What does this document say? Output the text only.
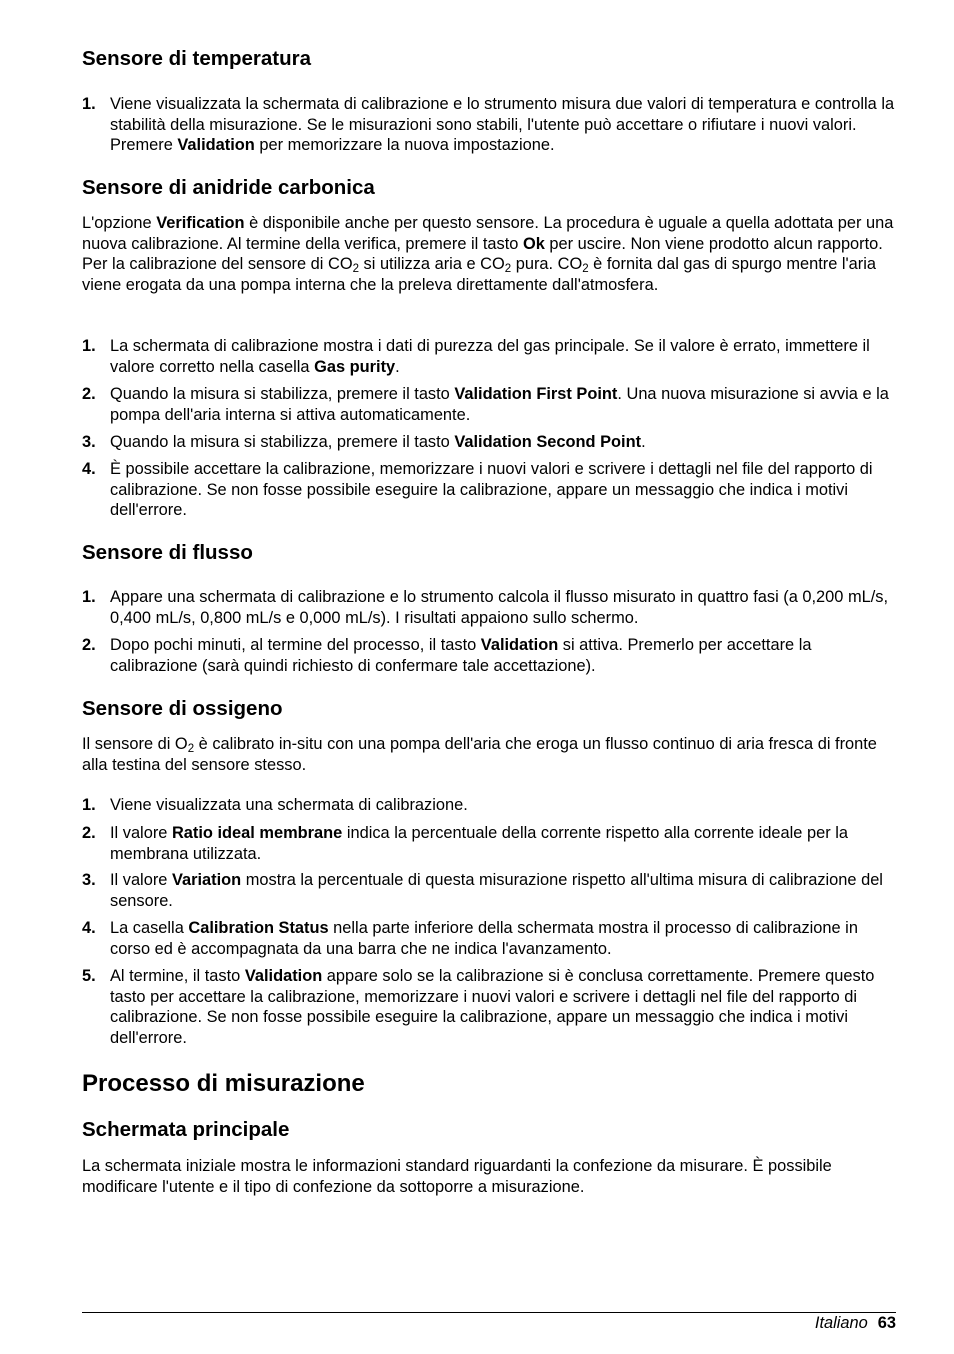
Sensore di temperatura
1. Viene visualizzata la schermata di calibrazione e lo strumento misura due valori di temperatura e controlla la stabilità della misurazione. Se le misurazioni sono stabili, l'utente può accettare o rifiutare i nuovi valori. Premere Validation per memorizzare la nuova impostazione.
Sensore di anidride carbonica

L'opzione Verification è disponibile anche per questo sensore. La procedura è uguale a quella adottata per una nuova calibrazione. Al termine della verifica, premere il tasto Ok per uscire. Non viene prodotto alcun rapporto. Per la calibrazione del sensore di $CO_2$ si utilizza aria e $CO_2$ pura. $CO_2$ è fornita dal gas di spurgo mentre l'aria viene erogata da una pompa interna che la preleva direttamente dall'atmosfera.

1. La schermata di calibrazione mostra i dati di purezza del gas principale. Se il valore è errato, immettere il valore corretto nella casella Gas purity.
2. Quando la misura si stabilizza, premere il tasto Validation First Point. Una nuova misurazione si avvia e la pompa dell'aria interna si attiva automaticamente.
3. Quando la misura si stabilizza, premere il tasto Validation Second Point.
4. È possibile accettare la calibrazione, memorizzare i nuovi valori e scrivere i dettagli nel file del rapporto di calibrazione. Se non fosse possibile eseguire la calibrazione, appare un messaggio che indica i motivi dell'errore.
Sensore di flusso
1. Appare una schermata di calibrazione e lo strumento calcola il flusso misurato in quattro fasi (a 0,200 mL/s, 0,400 mL/s, 0,800 mL/s e 0,000 mL/s). I risultati appaiono sullo schermo.
2. Dopo pochi minuti, al termine del processo, il tasto Validation si attiva. Premerlo per accettare la calibrazione (sarà quindi richiesto di confermare tale accettazione).
Sensore di ossigeno

Il sensore di $O_2$ è calibrato in-situ con una pompa dell'aria che eroga un flusso continuo di aria fresca di fronte alla testina del sensore stesso.

1. Viene visualizzata una schermata di calibrazione.
2. Il valore Ratio ideal membrane indica la percentuale della corrente rispetto alla corrente ideale per la membrana utilizzata.
3. Il valore Variation mostra la percentuale di questa misurazione rispetto all'ultima misura di calibrazione del sensore.
4. La casella Calibration Status nella parte inferiore della schermata mostra il processo di calibrazione in corso ed è accompagnata da una barra che ne indica l'avanzamento.
5. Al termine, il tasto Validation appare solo se la calibrazione si è conclusa correttamente. Premere questo tasto per accettare la calibrazione, memorizzare i nuovi valori e scrivere i dettagli nel file del rapporto di calibrazione. Se non fosse possibile eseguire la calibrazione, appare un messaggio che indica i motivi dell'errore.
Processo di misurazione
Schermata principale

La schermata iniziale mostra le informazioni standard riguardanti la confezione da misurare. È possibile modificare l'utente e il tipo di confezione da sottoporre a misurazione.

Italiano 63
